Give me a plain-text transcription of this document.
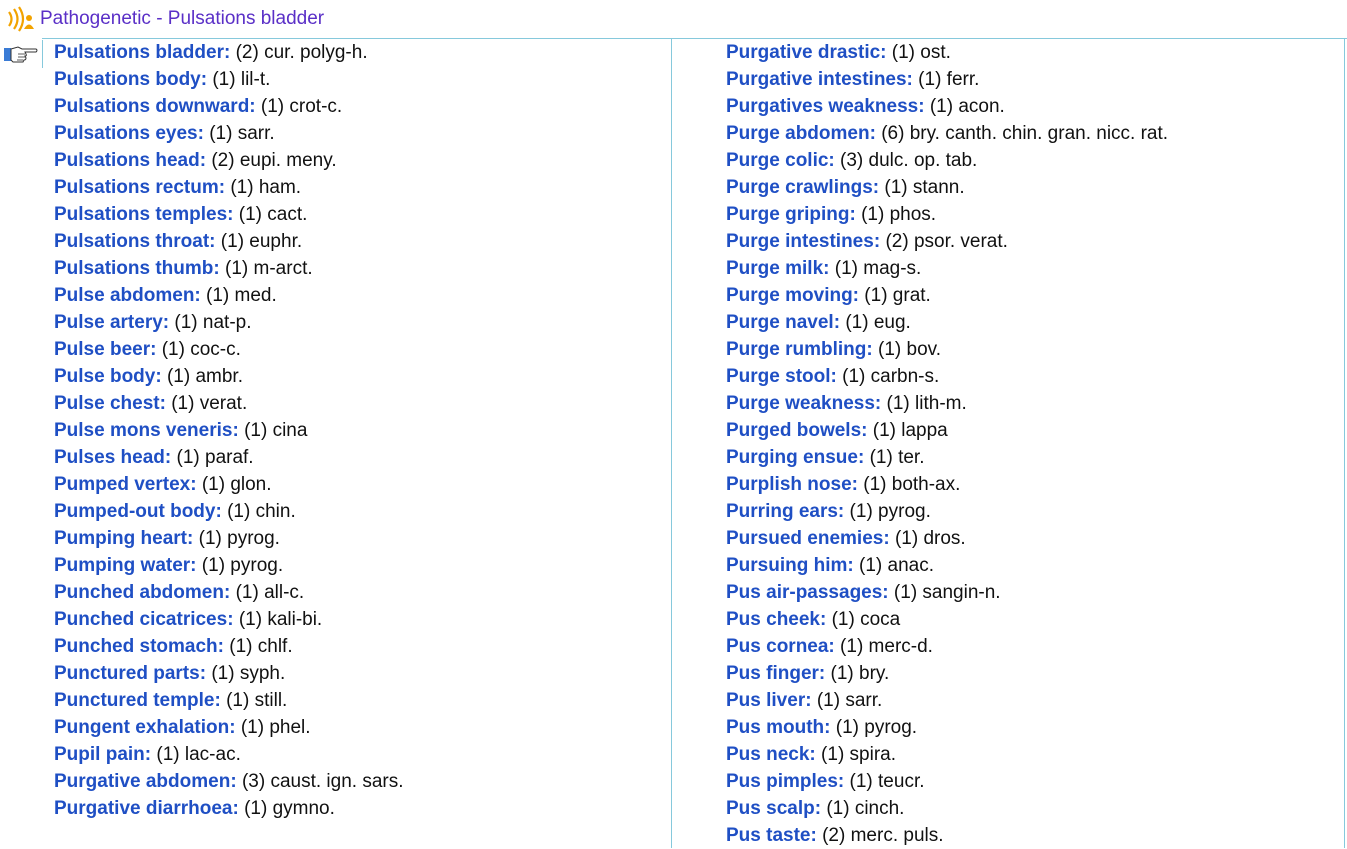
Pathogenetic - Pulsations bladder
Pulsations bladder: (2) cur. polyg-h.
Pulsations body: (1) lil-t.
Pulsations downward: (1) crot-c.
Pulsations eyes: (1) sarr.
Pulsations head: (2) eupi. meny.
Pulsations rectum: (1) ham.
Pulsations temples: (1) cact.
Pulsations throat: (1) euphr.
Pulsations thumb: (1) m-arct.
Pulse abdomen: (1) med.
Pulse artery: (1) nat-p.
Pulse beer: (1) coc-c.
Pulse body: (1) ambr.
Pulse chest: (1) verat.
Pulse mons veneris: (1) cina
Pulses head: (1) paraf.
Pumped vertex: (1) glon.
Pumped-out body: (1) chin.
Pumping heart: (1) pyrog.
Pumping water: (1) pyrog.
Punched abdomen: (1) all-c.
Punched cicatrices: (1) kali-bi.
Punched stomach: (1) chlf.
Punctured parts: (1) syph.
Punctured temple: (1) still.
Pungent exhalation: (1) phel.
Pupil pain: (1) lac-ac.
Purgative abdomen: (3) caust. ign. sars.
Purgative diarrhoea: (1) gymno.
Purgative drastic: (1) ost.
Purgative intestines: (1) ferr.
Purgatives weakness: (1) acon.
Purge abdomen: (6) bry. canth. chin. gran. nicc. rat.
Purge colic: (3) dulc. op. tab.
Purge crawlings: (1) stann.
Purge griping: (1) phos.
Purge intestines: (2) psor. verat.
Purge milk: (1) mag-s.
Purge moving: (1) grat.
Purge navel: (1) eug.
Purge rumbling: (1) bov.
Purge stool: (1) carbn-s.
Purge weakness: (1) lith-m.
Purged bowels: (1) lappa
Purging ensue: (1) ter.
Purplish nose: (1) both-ax.
Purring ears: (1) pyrog.
Pursued enemies: (1) dros.
Pursuing him: (1) anac.
Pus air-passages: (1) sangin-n.
Pus cheek: (1) coca
Pus cornea: (1) merc-d.
Pus finger: (1) bry.
Pus liver: (1) sarr.
Pus mouth: (1) pyrog.
Pus neck: (1) spira.
Pus pimples: (1) teucr.
Pus scalp: (1) cinch.
Pus taste: (2) merc. puls.
